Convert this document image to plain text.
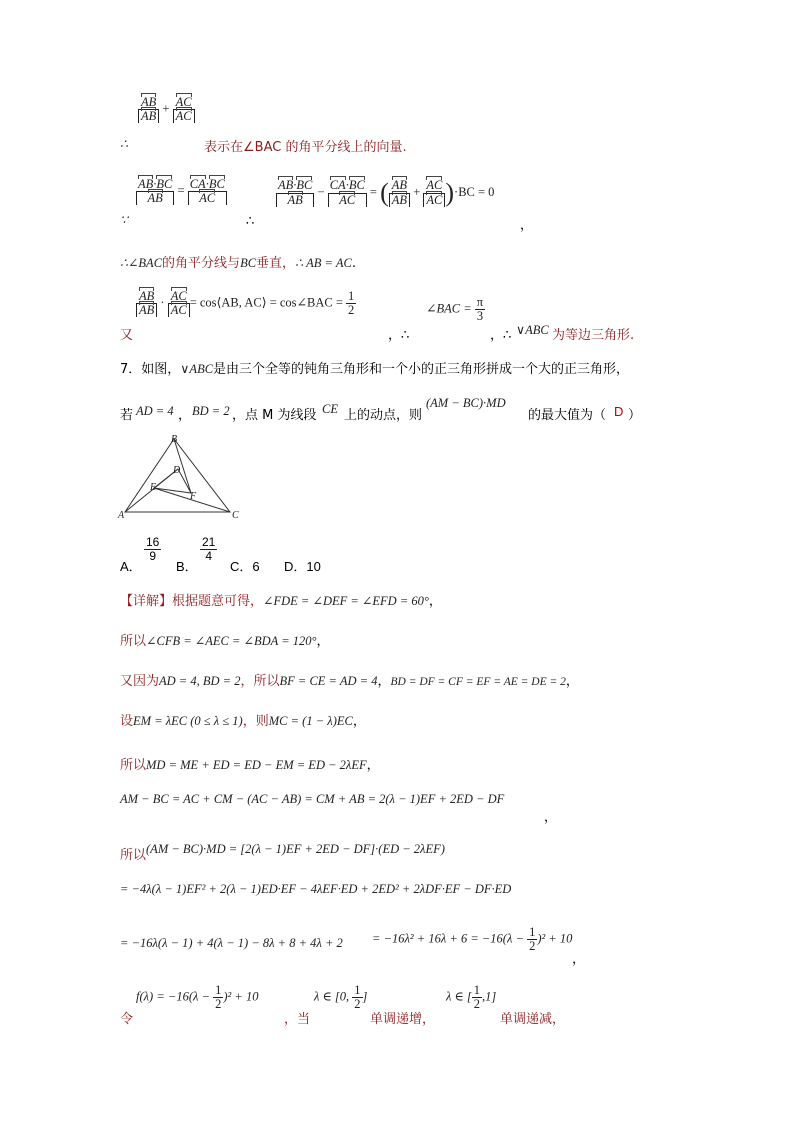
∴
$\frac{AB}{AB} + \frac{AC}{AC}$
表示在∠BAC 的角平分线上的向量.
∵
$\frac{AB\cdot BC}{AB} = \frac{CA\cdot BC}{AC}$
∴
$\frac{AB\cdot BC}{AB} - \frac{CA\cdot BC}{AC}$ = ( $\frac{AB}{AB} + \frac{AC}{AC} )\cdot BC = 0$
，
∴∠BAC的角平分线与BC垂直，∴ AB = AC.
又
$\frac{AB}{AB} \cdot \frac{AC}{AC}$ = cos⟨AB, AC⟩ = cos∠BAC = $\frac{1}{2}$
，∴
∠BAC = $\frac{\pi}{3}$
，∴ ∨ABC 为等边三角形.
7．如图，∨ABC是由三个全等的钝角三角形和一个小的正三角形拼成一个大的正三角形，
若 AD = 4 ， BD = 2 ，点 M 为线段 CE 上的动点，则
(AM − BC)·MD
的最大值为（ D ）
B
D
E
F
A	C
A．
$\frac{16}{9}$
B．
$\frac{21}{4}$
C．6 D．10
【详解】根据题意可得，∠FDE = ∠DEF = ∠EFD = 60°，
所以∠CFB = ∠AEC = ∠BDA = 120°，
又因为AD = 4, BD = 2，所以BF = CE = AD = 4，BD = DF = CF = EF = AE = DE = 2，
设EM = λEC (0 ≤ λ ≤ 1)，则MC = (1 − λ)EC，
所以MD = ME + ED = ED − EM = ED − 2λEF，
AM − BC = AC + CM − (AC − AB) = CM + AB = 2(λ − 1)EF + 2ED − DF
，
$_{所以}$(AM − BC)·MD = [2(λ − 1)EF + 2ED − DF]·(ED − 2λEF)
= −4λ(λ − 1)EF² + 2(λ − 1)ED·EF − 4λEF·ED + 2ED² + 2λDF·EF − DF·ED
= $-16\lambda(\lambda - 1) + 4(\lambda - 1) - 8\lambda + 8 + 4\lambda + 2 = -16\lambda^2 + 16\lambda + 6 = -16(\lambda - \frac{1}{2} )^2 + 10$
，
令
$f(\lambda) = -16(\lambda - \frac{1}{2} )^2 + 10$
，当
λ ∈ [0, $\frac{1}{2}$ ]
单调递增，
λ ∈ [ $\frac{1}{2} ,1$]
单调递减，
